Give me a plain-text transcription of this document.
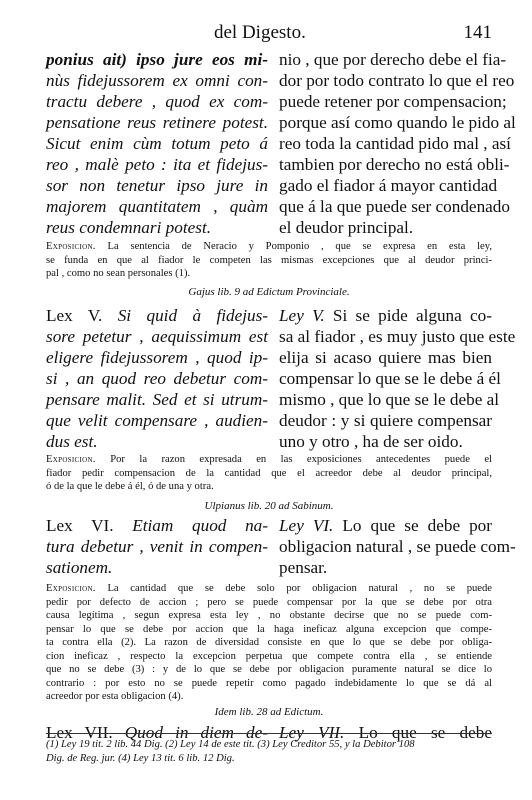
del Digesto.	141
ponius ait) ipso jure eos mi-
nùs fidejussorem ex omni con-
tractu debere , quod ex com-
pensatione reus retinere potest.
Sicut enim cùm totum peto á
reo , malè peto : ita et fidejus-
sor non tenetur ipso jure in
majorem quantitatem , quàm
reus condemnari potest.
nio , que por derecho debe el fia-
dor por todo contrato lo que el reo
puede retener por compensacion;
porque así como quando le pido al
reo toda la cantidad pido mal , así
tambien por derecho no está obli-
gado el fiador á mayor cantidad
que á la que puede ser condenado
el deudor principal.
Exposicion. La sentencia de Neracio y Pomponio , que se expresa en esta ley,
se funda en que al fiador le competen las mismas excepciones que al deudor princi-
pal , como no sean personales (1).
Gajus lib. 9 ad Edictum Provinciale.
Lex V. Si quid à fidejus-
sore petetur , aequissimum est
eligere fidejussorem , quod ip-
si , an quod reo debetur com-
pensare malit. Sed et si utrum-
que velit compensare , audien-
dus est.
Ley V. Si se pide alguna co-
sa al fiador , es muy justo que este
elija si acaso quiere mas bien
compensar lo que se le debe á él
mismo , que lo que se le debe al
deudor : y si quiere compensar
uno y otro , ha de ser oido.
Exposicion. Por la razon expresada en las exposiciones antecedentes puede el
fiador pedir compensacion de la cantidad que el acreedor debe al deudor principal,
ó de la que le debe á él, ó de una y otra.
Ulpianus lib. 20 ad Sabinum.
Lex VI. Etiam quod na-
tura debetur , venit in compen-
sationem.
Ley VI. Lo que se debe por
obligacion natural , se puede com-
pensar.
Exposicion. La cantidad que se debe solo por obligacion natural , no se puede
pedir por defecto de accion ; pero se puede compensar por la que se debe por otra
causa legítima , segun expresa esta ley , no obstante decirse que no se puede com-
pensar lo que se debe por accion que la haga ineficaz alguna excepcion que compe-
ta contra ella (2). La razon de diversidad consiste en que lo que se debe por obliga-
cion ineficaz , respecto la excepcion perpetua que compete contra ella , se entiende
que no se debe (3) : y de lo que se debe por obligacion puramente natural se dice lo
contrario : por esto no se puede repetir como pagado indebidamente lo que se dá al
acreedor por esta obligacion (4).
Idem lib. 28 ad Edictum.
Lex VII. Quod in diem de- Ley VII. Lo que se debe
(1) Ley 19 tit. 2 lib. 44 Dig. (2) Ley 14 de este tit. (3) Ley Creditor 55, y la Debitor 108
Dig. de Reg. jur. (4) Ley 13 tit. 6 lib. 12 Dig.
